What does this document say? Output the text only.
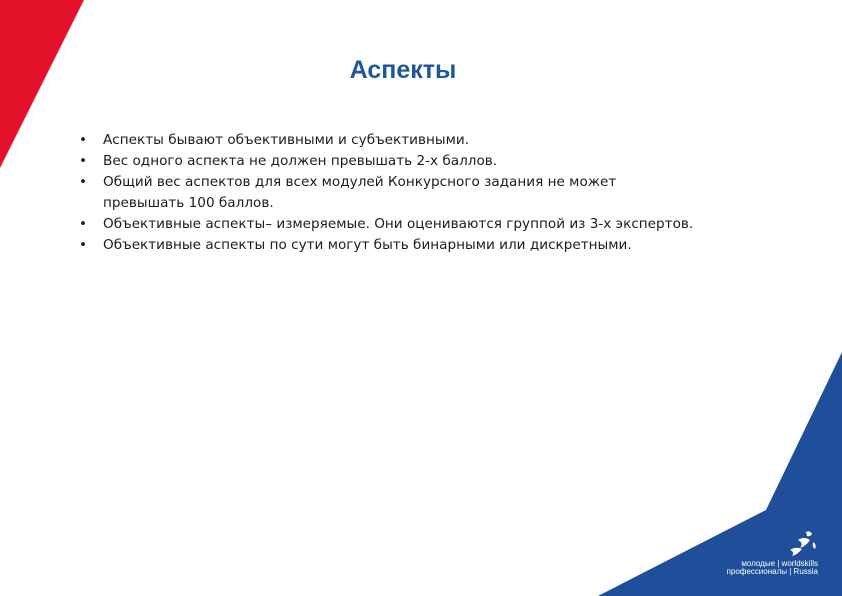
Аспекты
• Аспекты бывают объективными и субъективными.
• Вес одного аспекта не должен превышать 2-х баллов.
• Общий вес аспектов для всех модулей Конкурсного задания не может превышать 100 баллов.
• Объективные аспекты– измеряемые. Они оцениваются группой из 3-х экспертов.
• Объективные аспекты по сути могут быть бинарными или дискретными.
молодые | worldskills
профессионалы | Russia
